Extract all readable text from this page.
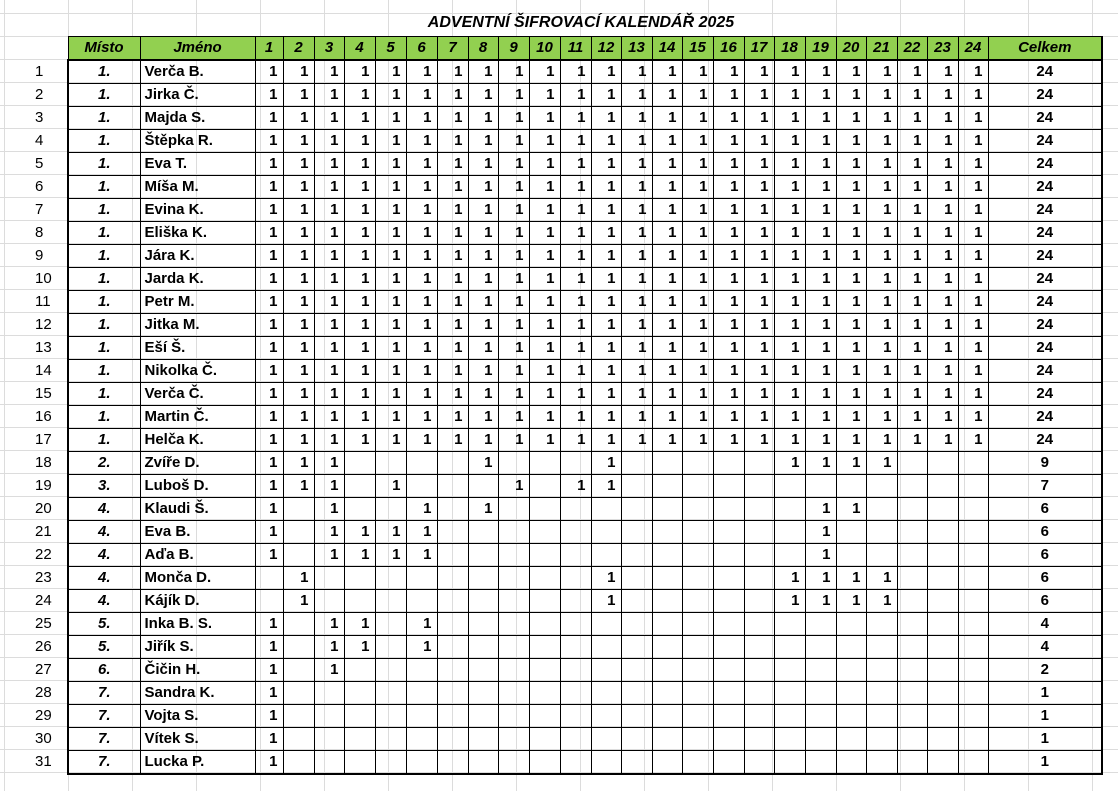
ADVENTNÍ ŠIFROVACÍ KALENDÁŘ 2025
	Místo	Jméno	1	2	3	4	5	6	7	8	9	10	11	12	13	14	15	16	17	18	19	20	21	22	23	24	Celkem
1	1.	Verča B.	1	1	1	1	1	1	1	1	1	1	1	1	1	1	1	1	1	1	1	1	1	1	1	1	24
2	1.	Jirka Č.	1	1	1	1	1	1	1	1	1	1	1	1	1	1	1	1	1	1	1	1	1	1	1	1	24
3	1.	Majda S.	1	1	1	1	1	1	1	1	1	1	1	1	1	1	1	1	1	1	1	1	1	1	1	1	24
4	1.	Štěpka R.	1	1	1	1	1	1	1	1	1	1	1	1	1	1	1	1	1	1	1	1	1	1	1	1	24
5	1.	Eva T.	1	1	1	1	1	1	1	1	1	1	1	1	1	1	1	1	1	1	1	1	1	1	1	1	24
6	1.	Míša M.	1	1	1	1	1	1	1	1	1	1	1	1	1	1	1	1	1	1	1	1	1	1	1	1	24
7	1.	Evina K.	1	1	1	1	1	1	1	1	1	1	1	1	1	1	1	1	1	1	1	1	1	1	1	1	24
8	1.	Eliška K.	1	1	1	1	1	1	1	1	1	1	1	1	1	1	1	1	1	1	1	1	1	1	1	1	24
9	1.	Jára K.	1	1	1	1	1	1	1	1	1	1	1	1	1	1	1	1	1	1	1	1	1	1	1	1	24
10	1.	Jarda K.	1	1	1	1	1	1	1	1	1	1	1	1	1	1	1	1	1	1	1	1	1	1	1	1	24
11	1.	Petr M.	1	1	1	1	1	1	1	1	1	1	1	1	1	1	1	1	1	1	1	1	1	1	1	1	24
12	1.	Jitka M.	1	1	1	1	1	1	1	1	1	1	1	1	1	1	1	1	1	1	1	1	1	1	1	1	24
13	1.	Eší Š.	1	1	1	1	1	1	1	1	1	1	1	1	1	1	1	1	1	1	1	1	1	1	1	1	24
14	1.	Nikolka Č.	1	1	1	1	1	1	1	1	1	1	1	1	1	1	1	1	1	1	1	1	1	1	1	1	24
15	1.	Verča Č.	1	1	1	1	1	1	1	1	1	1	1	1	1	1	1	1	1	1	1	1	1	1	1	1	24
16	1.	Martin Č.	1	1	1	1	1	1	1	1	1	1	1	1	1	1	1	1	1	1	1	1	1	1	1	1	24
17	1.	Helča K.	1	1	1	1	1	1	1	1	1	1	1	1	1	1	1	1	1	1	1	1	1	1	1	1	24
18	2.	Zvíře D.	1	1	1					1				1						1	1	1	1				9
19	3.	Luboš D.	1	1	1		1				1		1	1													7
20	4.	Klaudi Š.	1		1			1		1											1	1					6
21	4.	Eva B.	1		1	1	1	1													1						6
22	4.	Aďa B.	1		1	1	1	1													1						6
23	4.	Monča D.		1										1						1	1	1	1				6
24	4.	Kájík D.		1										1						1	1	1	1				6
25	5.	Inka B. S.	1		1	1		1																			4
26	5.	Jiřík S.	1		1	1		1																			4
27	6.	Čičin H.	1		1																						2
28	7.	Sandra K.	1																								1
29	7.	Vojta S.	1																								1
30	7.	Vítek S.	1																								1
31	7.	Lucka P.	1																								1
